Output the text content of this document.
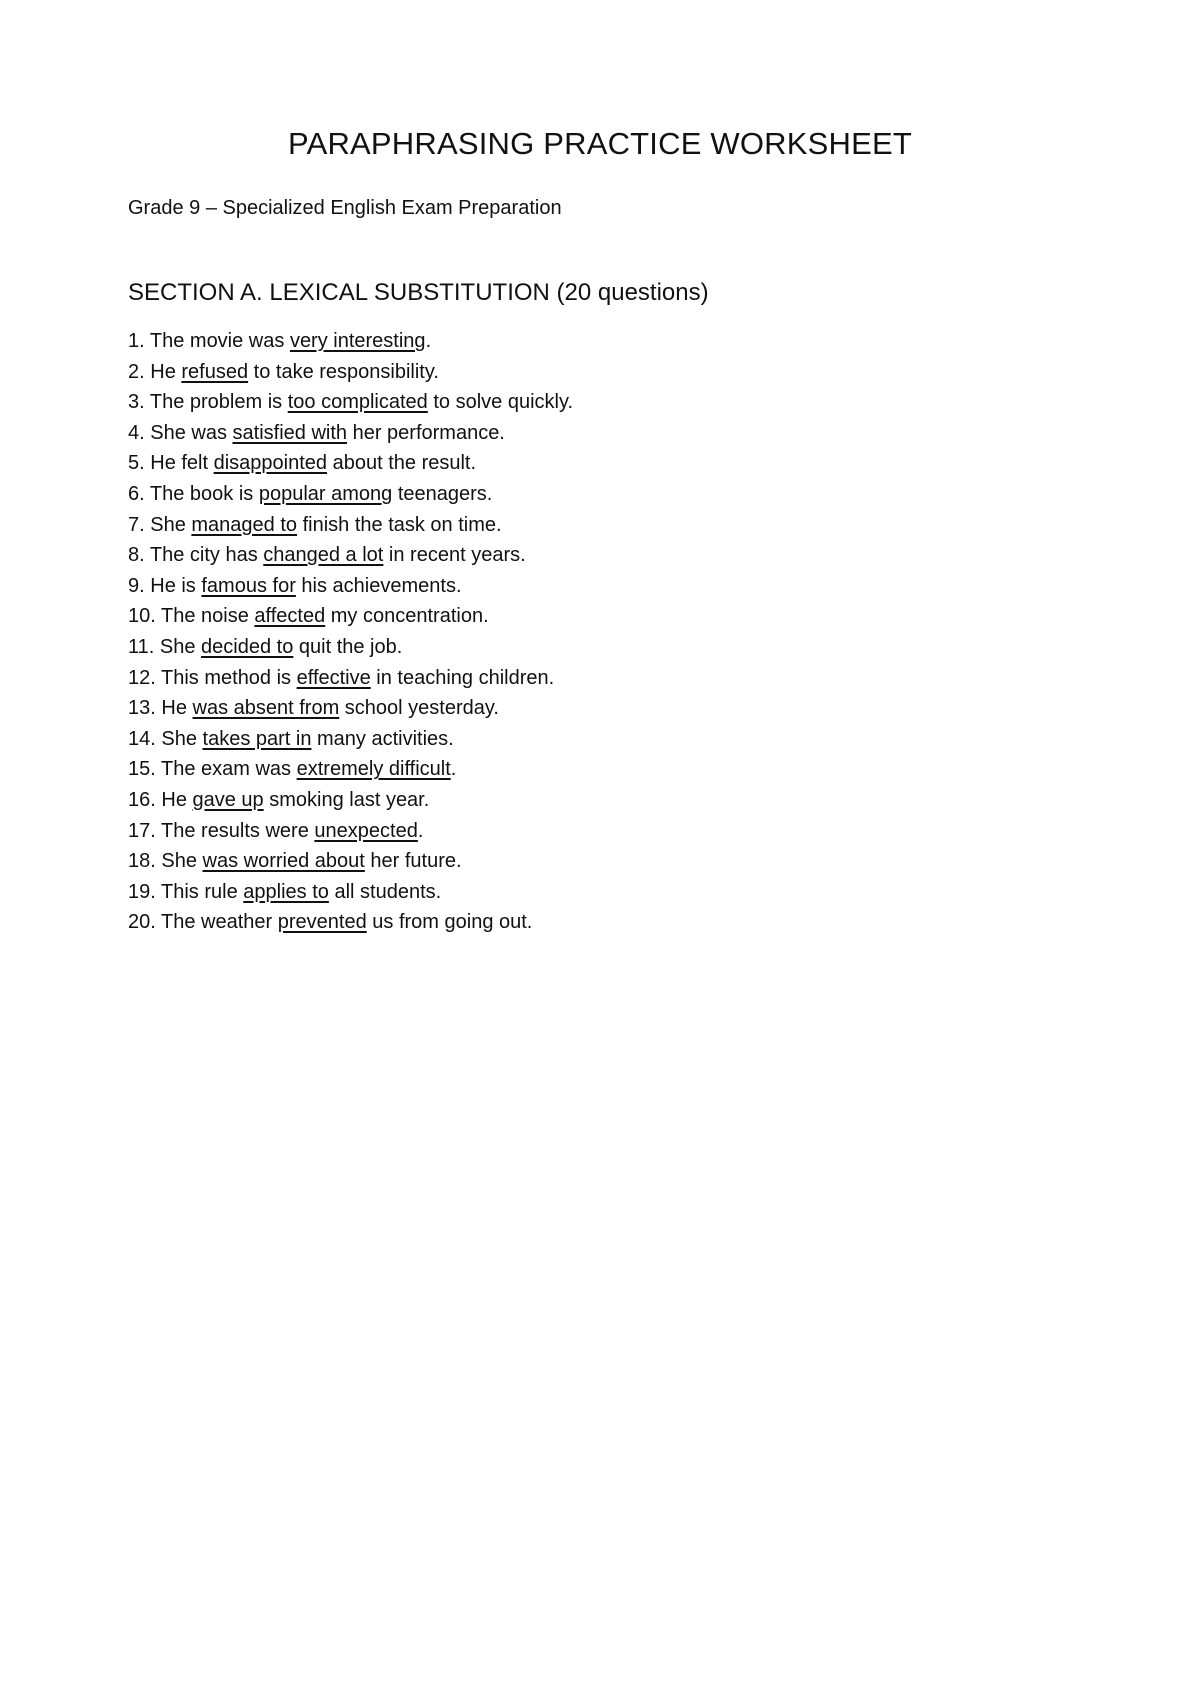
PARAPHRASING PRACTICE WORKSHEET

Grade 9 – Specialized English Exam Preparation

SECTION A. LEXICAL SUBSTITUTION (20 questions)
1. The movie was very interesting.
2. He refused to take responsibility.
3. The problem is too complicated to solve quickly.
4. She was satisfied with her performance.
5. He felt disappointed about the result.
6. The book is popular among teenagers.
7. She managed to finish the task on time.
8. The city has changed a lot in recent years.
9. He is famous for his achievements.
10. The noise affected my concentration.
11. She decided to quit the job.
12. This method is effective in teaching children.
13. He was absent from school yesterday.
14. She takes part in many activities.
15. The exam was extremely difficult.
16. He gave up smoking last year.
17. The results were unexpected.
18. She was worried about her future.
19. This rule applies to all students.
20. The weather prevented us from going out.
